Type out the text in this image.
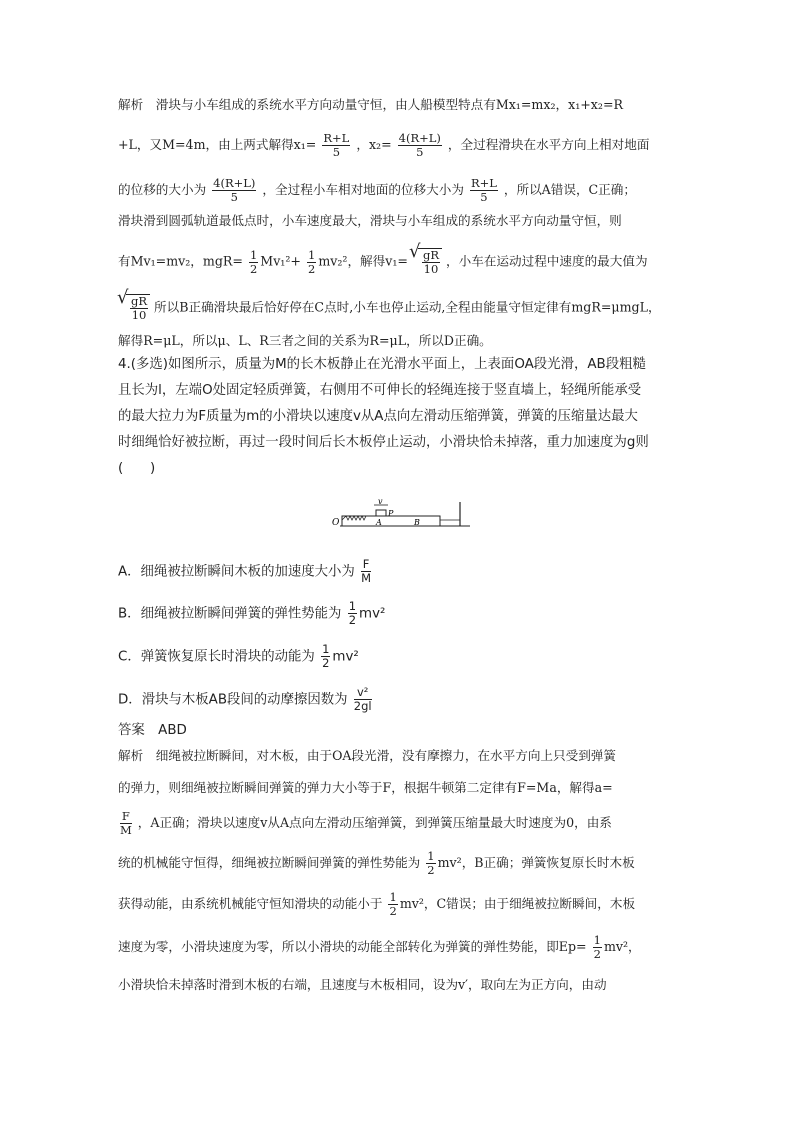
解析　滑块与小车组成的系统水平方向动量守恒，由人船模型特点有Mx₁=mx₂，x₁+x₂=R
+L，又M=4m，由上两式解得$x_1= \frac{R+L}{5}$ ，$x_2= \frac{4(R+L)}{5}$ ，全过程滑块在水平方向上相对地面
的位移的大小为 $\frac{4(R+L)}{5}$ ，全过程小车相对地面的位移大小为 $\frac{R+L}{5}$ ，所以A错误，C正确；
滑块滑到圆弧轨道最低点时，小车速度最大，滑块与小车组成的系统水平方向动量守恒，则
有Mv₁=mv₂，$mgR= \frac{1}{2} Mv_1^2+ \frac{1}{2} mv_2^2$，解得v₁=
√ $\frac{gR}{10}$ ，小车在运动过程中速度的最大值为
√ $\frac{gR}{10}$ 所以B正确滑块最后恰好停在C点时,小车也停止运动,全程由能量守恒定律有mgR=μmgL，
解得R=μL，所以μ、L、R三者之间的关系为R=μL，所以D正确。
4.(多选)如图所示，质量为M的长木板静止在光滑水平面上，上表面OA段光滑，AB段粗糙
且长为l，左端O处固定轻质弹簧，右侧用不可伸长的轻绳连接于竖直墙上，轻绳所能承受
的最大拉力为F质量为m的小滑块以速度v从A点向左滑动压缩弹簧，弹簧的压缩量达最大
时细绳恰好被拉断，再过一段时间后长木板停止运动，小滑块恰未掉落，重力加速度为g则
(　　)
O	A	B
P
v
A．细绳被拉断瞬间木板的加速度大小为 $\frac{F}{M}$
B．细绳被拉断瞬间弹簧的弹性势能为 $\frac{1}{2} mv^2$
C．弹簧恢复原长时滑块的动能为 $\frac{1}{2} mv^2$
D．滑块与木板AB段间的动摩擦因数为 $\frac{\text{v²}}{2gl}$
答案　 ABD
解析　细绳被拉断瞬间，对木板，由于OA段光滑，没有摩擦力，在水平方向上只受到弹簧
的弹力，则细绳被拉断瞬间弹簧的弹力大小等于F，根据牛顿第二定律有F=Ma，解得a=
$\frac{F}{M}$ ，A正确；滑块以速度v从A点向左滑动压缩弹簧，到弹簧压缩量最大时速度为0，由系
统的机械能守恒得，细绳被拉断瞬间弹簧的弹性势能为 $\frac{1}{2} mv^2$，B正确；弹簧恢复原长时木板
获得动能，由系统机械能守恒知滑块的动能小于 $\frac{1}{2} mv^2$，C错误；由于细绳被拉断瞬间，木板
速度为零，小滑块速度为零，所以小滑块的动能全部转化为弹簧的弹性势能，即$Ep= \frac{1}{2} mv^2$，
小滑块恰未掉落时滑到木板的右端，且速度与木板相同，设为v′，取向左为正方向，由动
